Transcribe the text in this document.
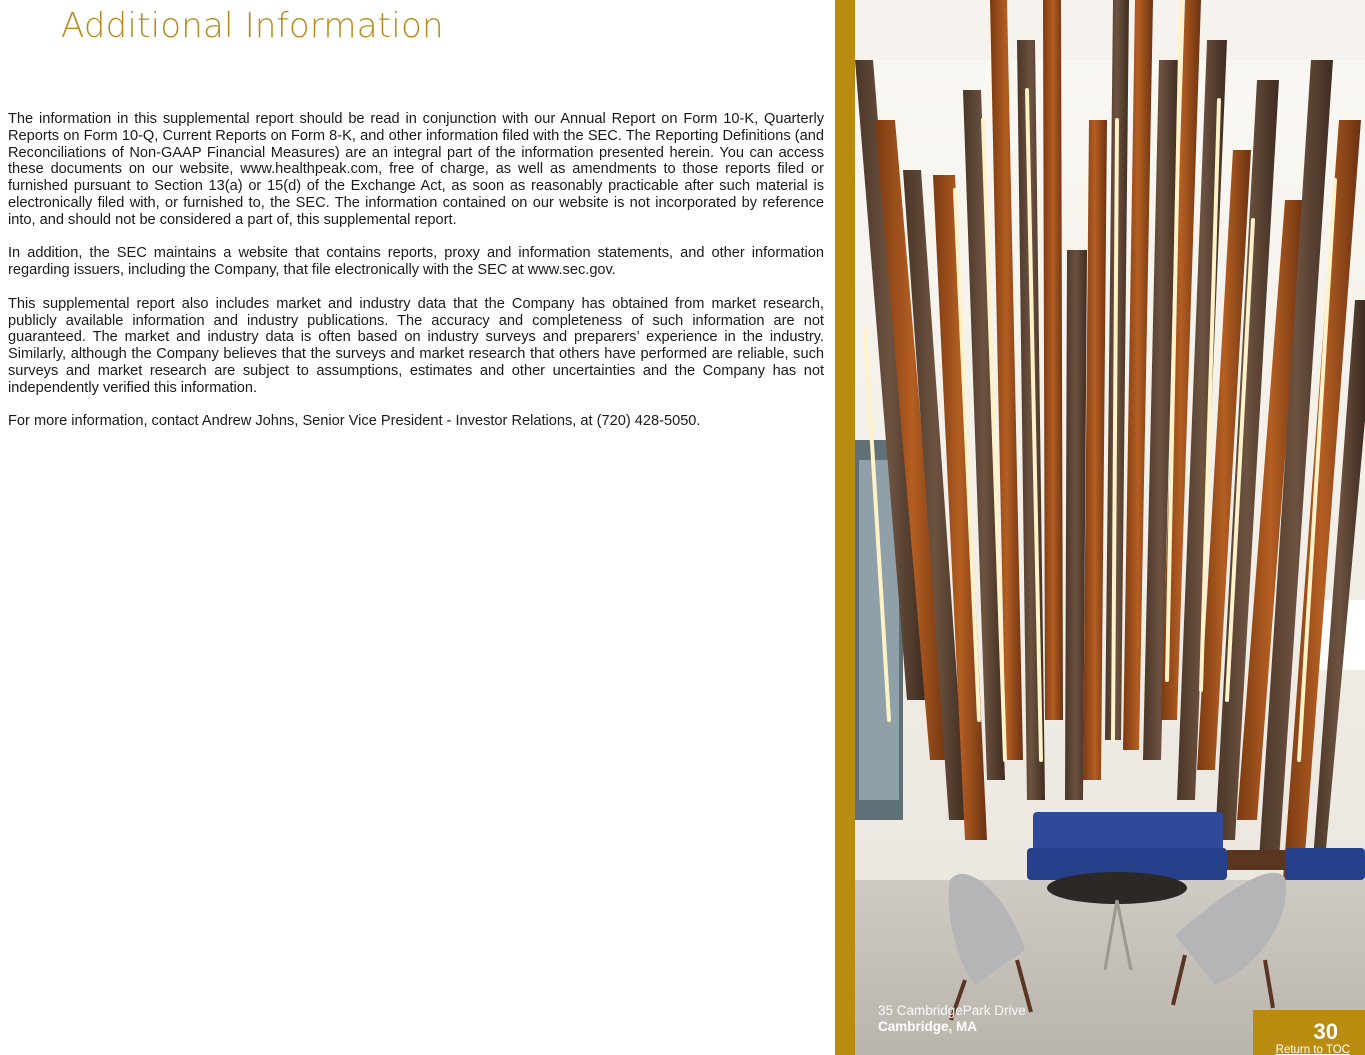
Additional Information

The information in this supplemental report should be read in conjunction with our Annual Report on Form 10-K, Quarterly Reports on Form 10-Q, Current Reports on Form 8-K, and other information filed with the SEC. The Reporting Definitions (and Reconciliations of Non-GAAP Financial Measures) are an integral part of the information presented herein. You can access these documents on our website, www.healthpeak.com, free of charge, as well as amendments to those reports filed or furnished pursuant to Section 13(a) or 15(d) of the Exchange Act, as soon as reasonably practicable after such material is electronically filed with, or furnished to, the SEC. The information contained on our website is not incorporated by reference into, and should not be considered a part of, this supplemental report.

In addition, the SEC maintains a website that contains reports, proxy and information statements, and other information regarding issuers, including the Company, that file electronically with the SEC at www.sec.gov.

This supplemental report also includes market and industry data that the Company has obtained from market research, publicly available information and industry publications. The accuracy and completeness of such information are not guaranteed. The market and industry data is often based on industry surveys and preparers’ experience in the industry. Similarly, although the Company believes that the surveys and market research that others have performed are reliable, such surveys and market research are subject to assumptions, estimates and other uncertainties and the Company has not independently verified this information.

For more information, contact Andrew Johns, Senior Vice President - Investor Relations, at (720) 428-5050.

35 CambridgePark Drive
Cambridge, MA	30
Return to TOC
